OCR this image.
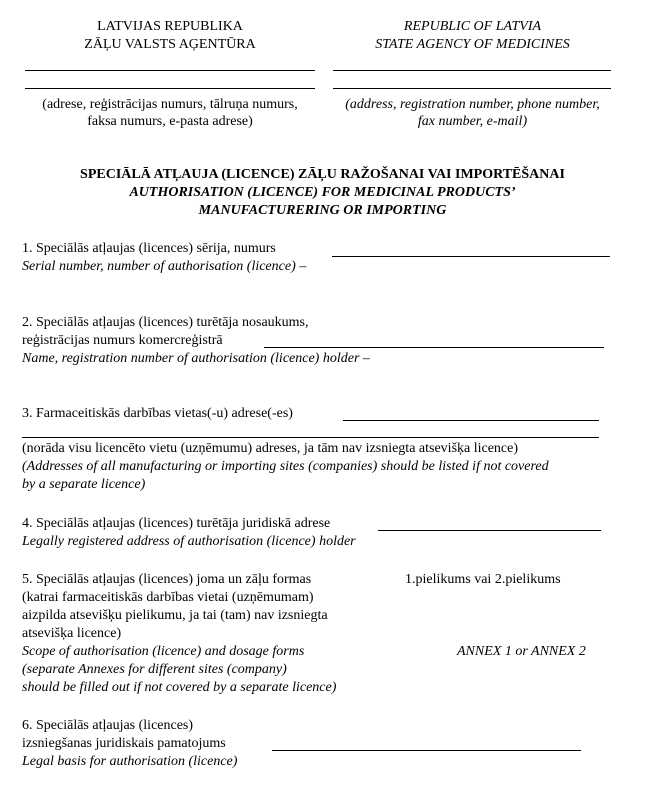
LATVIJAS REPUBLIKA
ZĀĻU VALSTS AĢENTŪRA
(adrese, reģistrācijas numurs, tālruņa numurs,
faksa numurs, e-pasta adrese)
REPUBLIC OF LATVIA
STATE AGENCY OF MEDICINES
(address, registration number, phone number,
fax number, e-mail)
SPECIĀLĀ ATĻAUJA (LICENCE) ZĀĻU RAŽOŠANAI VAI IMPORTĒŠANAI
AUTHORISATION (LICENCE) FOR MEDICINAL PRODUCTS’
MANUFACTURERING OR IMPORTING
1. Speciālās atļaujas (licences) sērija, numurs
Serial number, number of authorisation (licence) –
2. Speciālās atļaujas (licences) turētāja nosaukums,
reģistrācijas numurs komercreģistrā
Name, registration number of authorisation (licence) holder –
3. Farmaceitiskās darbības vietas(-u) adrese(-es)
(norāda visu licencēto vietu (uzņēmumu) adreses, ja tām nav izsniegta atsevišķa licence)
(Addresses of all manufacturing or importing sites (companies) should be listed if not covered
by a separate licence)
4. Speciālās atļaujas (licences) turētāja juridiskā adrese
Legally registered address of authorisation (licence) holder
5. Speciālās atļaujas (licences) joma un zāļu formas
(katrai farmaceitiskās darbības vietai (uzņēmumam)
aizpilda atsevišķu pielikumu, ja tai (tam) nav izsniegta
atsevišķa licence)
Scope of authorisation (licence) and dosage forms
(separate Annexes for different sites (company)
should be filled out if not covered by a separate licence)
1.pielikums vai 2.pielikums
ANNEX 1 or ANNEX 2
6. Speciālās atļaujas (licences)
izsniegšanas juridiskais pamatojums
Legal basis for authorisation (licence)
